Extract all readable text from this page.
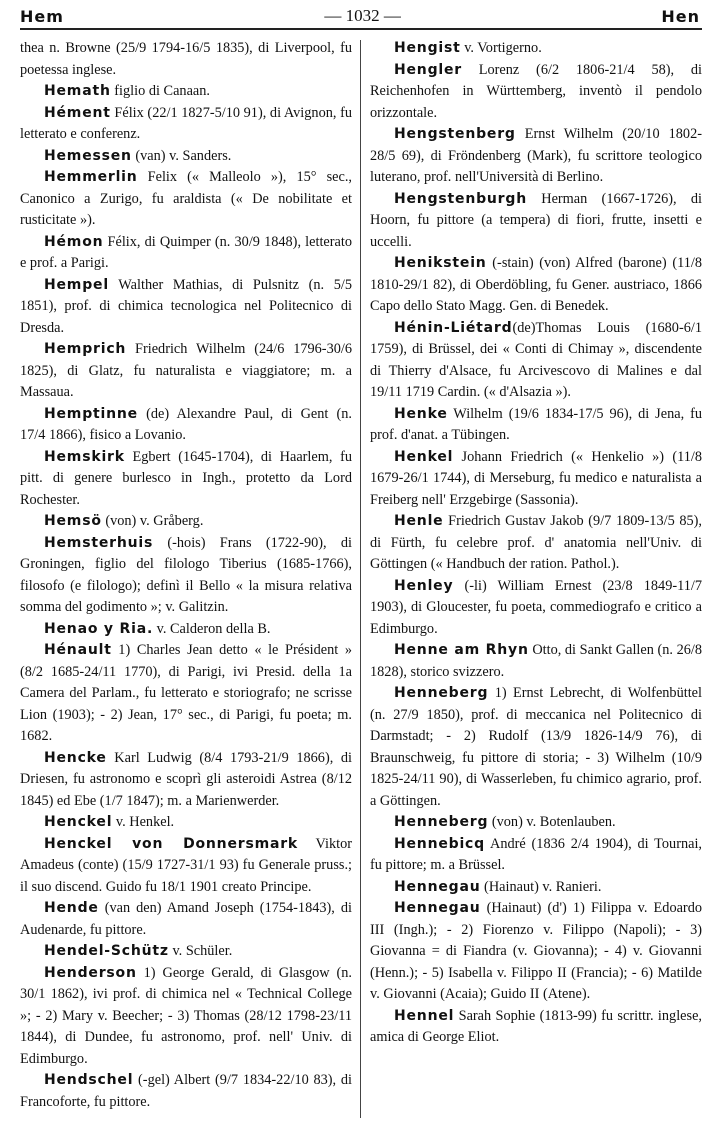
Hem	— 1032 —	Hen

thea n. Browne (25/9 1794-16/5 1835), di Liverpool, fu poetessa inglese.

Hemath figlio di Canaan.

Hément Félix (22/1 1827-5/10 91), di Avignon, fu letterato e conferenz.

Hemessen (van) v. Sanders.

Hemmerlin Felix (« Malleolo »), 15° sec., Canonico a Zurigo, fu araldista (« De nobilitate et rusticitate »).

Hémon Félix, di Quimper (n. 30/9 1848), letterato e prof. a Parigi.

Hempel Walther Mathias, di Pulsnitz (n. 5/5 1851), prof. di chimica tecnologica nel Politecnico di Dresda.

Hemprich Friedrich Wilhelm (24/6 1796-30/6 1825), di Glatz, fu naturalista e viaggiatore; m. a Massaua.

Hemptinne (de) Alexandre Paul, di Gent (n. 17/4 1866), fisico a Lovanio.

Hemskirk Egbert (1645-1704), di Haarlem, fu pitt. di genere burlesco in Ingh., protetto da Lord Rochester.

Hemsö (von) v. Gråberg.

Hemsterhuis (-hois) Frans (1722-90), di Groningen, figlio del filologo Tiberius (1685-1766), filosofo (e filologo); definì il Bello « la misura relativa somma del godimento »; v. Galitzin.

Henao y Ria. v. Calderon della B.

Hénault 1) Charles Jean detto « le Président » (8/2 1685-24/11 1770), di Parigi, ivi Presid. della 1a Camera del Parlam., fu letterato e storiografo; ne scrisse Lion (1903); - 2) Jean, 17° sec., di Parigi, fu poeta; m. 1682.

Hencke Karl Ludwig (8/4 1793-21/9 1866), di Driesen, fu astronomo e scoprì gli asteroidi Astrea (8/12 1845) ed Ebe (1/7 1847); m. a Marienwerder.

Henckel v. Henkel.

Henckel von Donnersmark Viktor Amadeus (conte) (15/9 1727-31/1 93) fu Generale pruss.; il suo discend. Guido fu 18/1 1901 creato Principe.

Hende (van den) Amand Joseph (1754-1843), di Audenarde, fu pittore.

Hendel-Schütz v. Schüler.

Henderson 1) George Gerald, di Glasgow (n. 30/1 1862), ivi prof. di chimica nel « Technical College »; - 2) Mary v. Beecher; - 3) Thomas (28/12 1798-23/11 1844), di Dundee, fu astronomo, prof. nell' Univ. di Edimburgo.

Hendschel (-gel) Albert (9/7 1834-22/10 83), di Francoforte, fu pittore.

Hengist v. Vortigerno.

Hengler Lorenz (6/2 1806-21/4 58), di Reichenhofen in Württemberg, inventò il pendolo orizzontale.

Hengstenberg Ernst Wilhelm (20/10 1802-28/5 69), di Fröndenberg (Mark), fu scrittore teologico luterano, prof. nell'Università di Berlino.

Hengstenburgh Herman (1667-1726), di Hoorn, fu pittore (a tempera) di fiori, frutte, insetti e uccelli.

Henikstein (-stain) (von) Alfred (barone) (11/8 1810-29/1 82), di Oberdöbling, fu Gener. austriaco, 1866 Capo dello Stato Magg. Gen. di Benedek.

Hénin-Liétard(de)Thomas Louis (1680-6/1 1759), di Brüssel, dei « Conti di Chimay », discendente di Thierry d'Alsace, fu Arcivescovo di Malines e dal 19/11 1719 Cardin. (« d'Alsazia »).

Henke Wilhelm (19/6 1834-17/5 96), di Jena, fu prof. d'anat. a Tübingen.

Henkel Johann Friedrich (« Henkelio ») (11/8 1679-26/1 1744), di Merseburg, fu medico e naturalista a Freiberg nell' Erzgebirge (Sassonia).

Henle Friedrich Gustav Jakob (9/7 1809-13/5 85), di Fürth, fu celebre prof. d' anatomia nell'Univ. di Göttingen (« Handbuch der ration. Pathol.).

Henley (-li) William Ernest (23/8 1849-11/7 1903), di Gloucester, fu poeta, commediografo e critico a Edimburgo.

Henne am Rhyn Otto, di Sankt Gallen (n. 26/8 1828), storico svizzero.

Henneberg 1) Ernst Lebrecht, di Wolfenbüttel (n. 27/9 1850), prof. di meccanica nel Politecnico di Darmstadt; - 2) Rudolf (13/9 1826-14/9 76), di Braunschweig, fu pittore di storia; - 3) Wilhelm (10/9 1825-24/11 90), di Wasserleben, fu chimico agrario, prof. a Göttingen.

Henneberg (von) v. Botenlauben.

Hennebicq André (1836 2/4 1904), di Tournai, fu pittore; m. a Brüssel.

Hennegau (Hainaut) v. Ranieri.

Hennegau (Hainaut) (d') 1) Filippa v. Edoardo III (Ingh.); - 2) Fiorenzo v. Filippo (Napoli); - 3) Giovanna = di Fiandra (v. Giovanna); - 4) v. Giovanni (Henn.); - 5) Isabella v. Filippo II (Francia); - 6) Matilde v. Giovanni (Acaia); Guido II (Atene).

Hennel Sarah Sophie (1813-99) fu scrittr. inglese, amica di George Eliot.
